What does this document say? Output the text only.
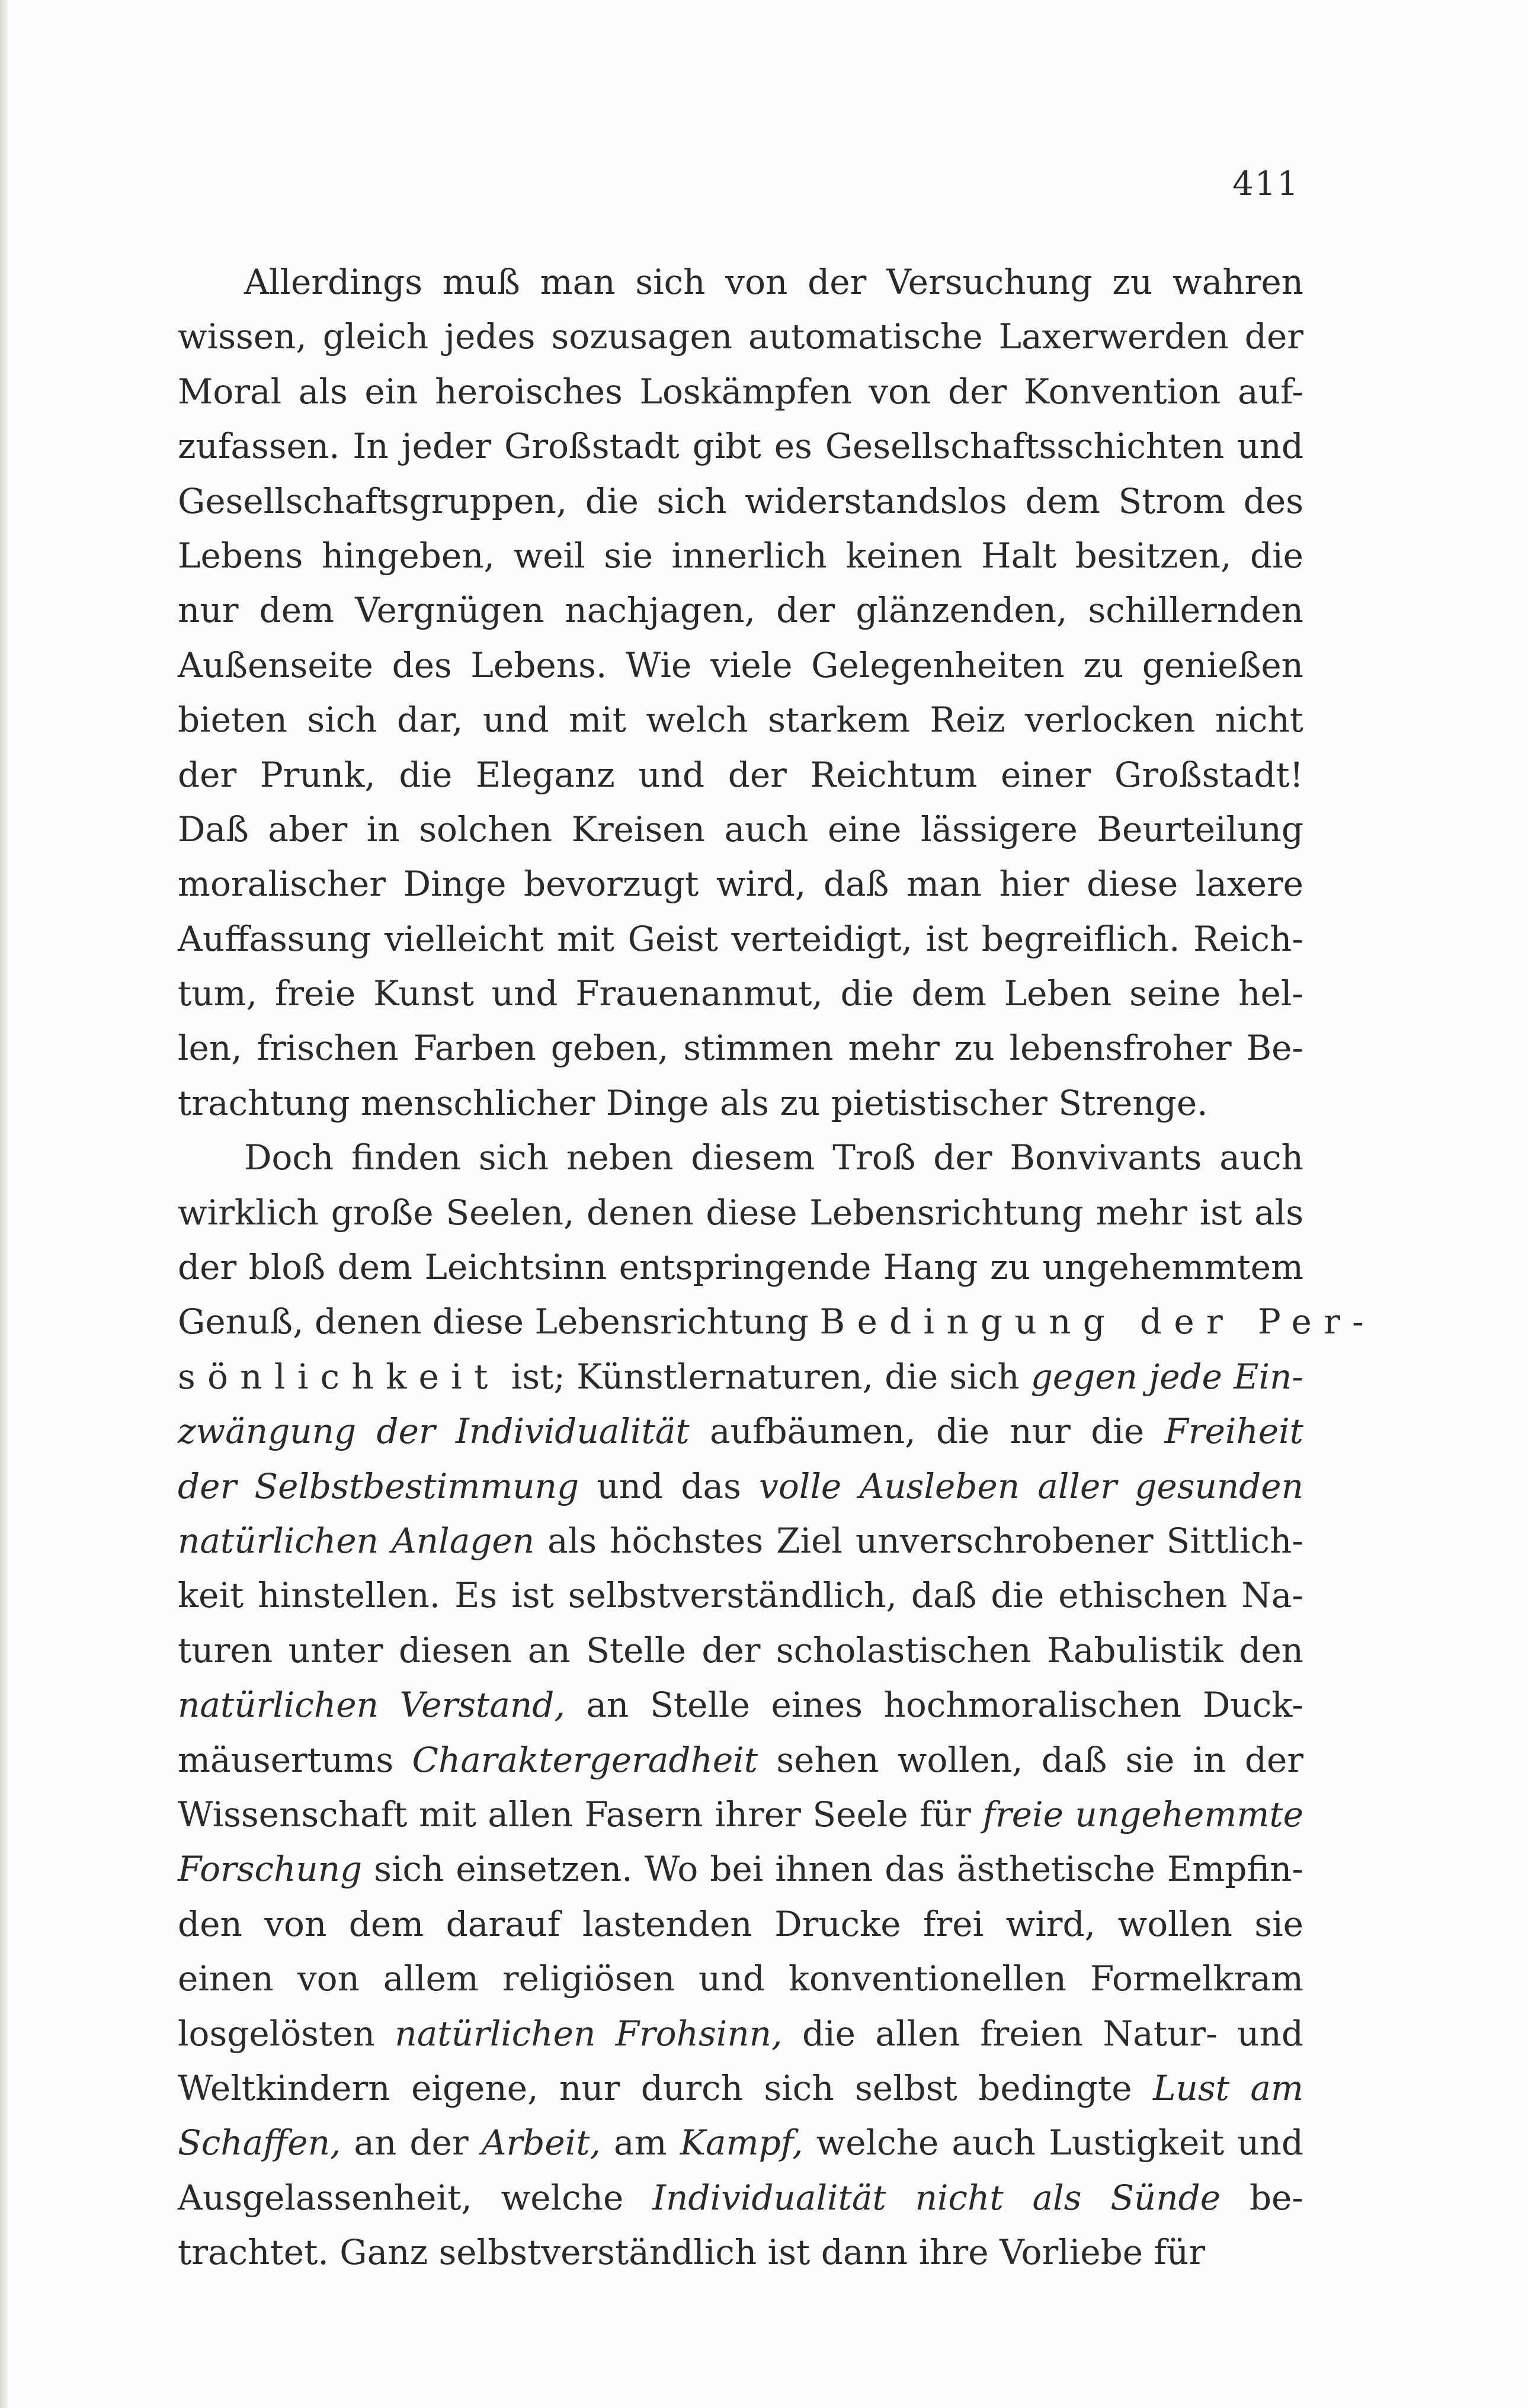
411
Allerdings muß man sich von der Versuchung zu wahren
wissen, gleich jedes sozusagen automatische Laxerwerden der
Moral als ein heroisches Loskämpfen von der Konvention auf-
zufassen. In jeder Großstadt gibt es Gesellschaftsschichten und
Gesellschaftsgruppen, die sich widerstandslos dem Strom des
Lebens hingeben, weil sie innerlich keinen Halt besitzen, die
nur dem Vergnügen nachjagen, der glänzenden, schillernden
Außenseite des Lebens. Wie viele Gelegenheiten zu genießen
bieten sich dar, und mit welch starkem Reiz verlocken nicht
der Prunk, die Eleganz und der Reichtum einer Großstadt!
Daß aber in solchen Kreisen auch eine lässigere Beurteilung
moralischer Dinge bevorzugt wird, daß man hier diese laxere
Auffassung vielleicht mit Geist verteidigt, ist begreiflich. Reich-
tum, freie Kunst und Frauenanmut, die dem Leben seine hel-
len, frischen Farben geben, stimmen mehr zu lebensfroher Be-
trachtung menschlicher Dinge als zu pietistischer Strenge.
Doch finden sich neben diesem Troß der Bonvivants auch
wirklich große Seelen, denen diese Lebensrichtung mehr ist als
der bloß dem Leichtsinn entspringende Hang zu ungehemmtem
Genuß, denen diese Lebensrichtung Bedingung der Per-
sönlichkeit ist; Künstlernaturen, die sich gegen jede Ein-
zwängung der Individualität aufbäumen, die nur die Freiheit
der Selbstbestimmung und das volle Ausleben aller gesunden
natürlichen Anlagen als höchstes Ziel unverschrobener Sittlich-
keit hinstellen. Es ist selbstverständlich, daß die ethischen Na-
turen unter diesen an Stelle der scholastischen Rabulistik den
natürlichen Verstand, an Stelle eines hochmoralischen Duck-
mäusertums Charaktergeradheit sehen wollen, daß sie in der
Wissenschaft mit allen Fasern ihrer Seele für freie ungehemmte
Forschung sich einsetzen. Wo bei ihnen das ästhetische Empfin-
den von dem darauf lastenden Drucke frei wird, wollen sie
einen von allem religiösen und konventionellen Formelkram
losgelösten natürlichen Frohsinn, die allen freien Natur- und
Weltkindern eigene, nur durch sich selbst bedingte Lust am
Schaffen, an der Arbeit, am Kampf, welche auch Lustigkeit und
Ausgelassenheit, welche Individualität nicht als Sünde be-
trachtet. Ganz selbstverständlich ist dann ihre Vorliebe für
